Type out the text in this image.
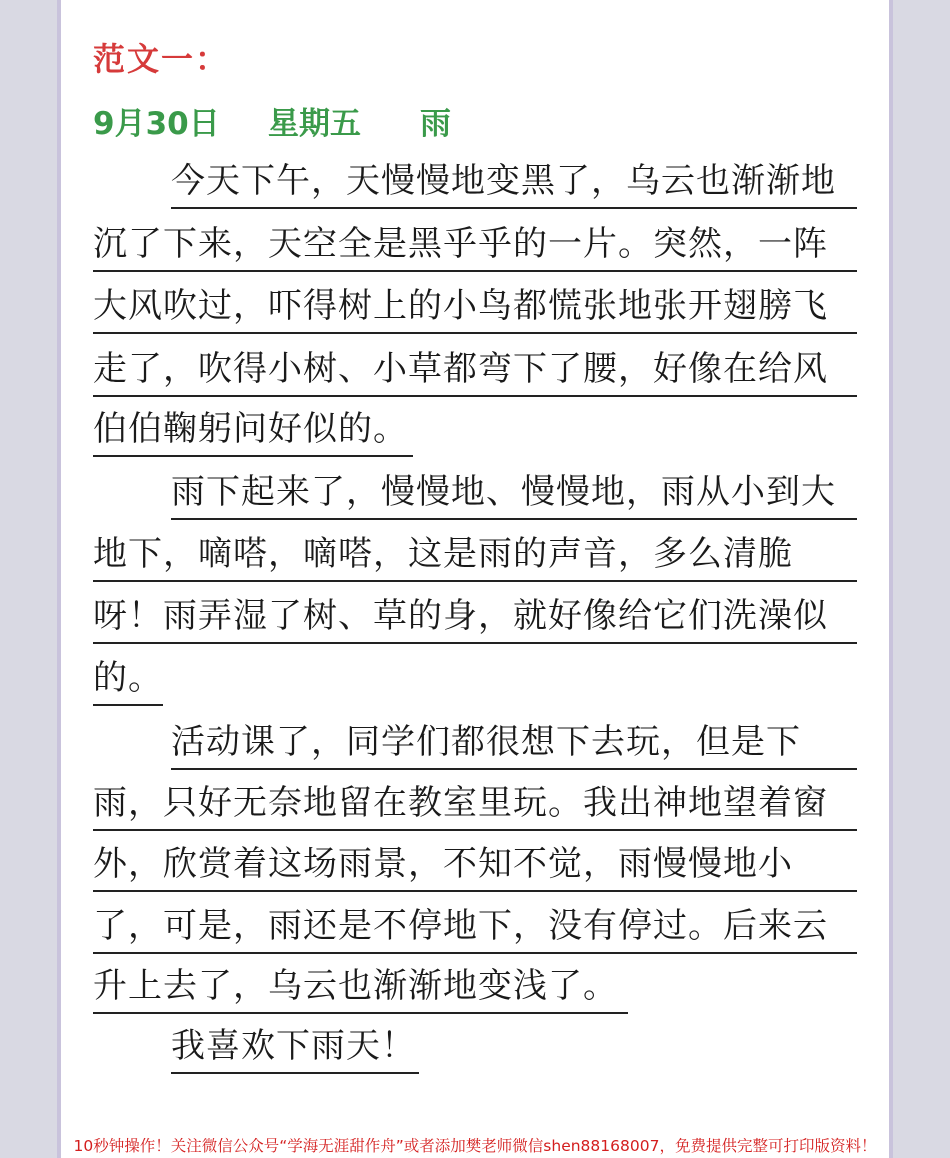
范文一：
9月30日 星期五 雨
今天下午，天慢慢地变黑了，乌云也渐渐地
沉了下来，天空全是黑乎乎的一片。突然，一阵
大风吹过，吓得树上的小鸟都慌张地张开翅膀飞
走了，吹得小树、小草都弯下了腰，好像在给风
伯伯鞠躬问好似的。
雨下起来了，慢慢地、慢慢地，雨从小到大
地下，嘀嗒，嘀嗒，这是雨的声音，多么清脆
呀！雨弄湿了树、草的身，就好像给它们洗澡似
的。
活动课了，同学们都很想下去玩，但是下
雨，只好无奈地留在教室里玩。我出神地望着窗
外，欣赏着这场雨景，不知不觉，雨慢慢地小
了，可是，雨还是不停地下，没有停过。后来云
升上去了，乌云也渐渐地变浅了。
我喜欢下雨天！
10秒钟操作！关注微信公众号“学海无涯甜作舟”或者添加樊老师微信shen88168007，免费提供完整可打印版资料！
